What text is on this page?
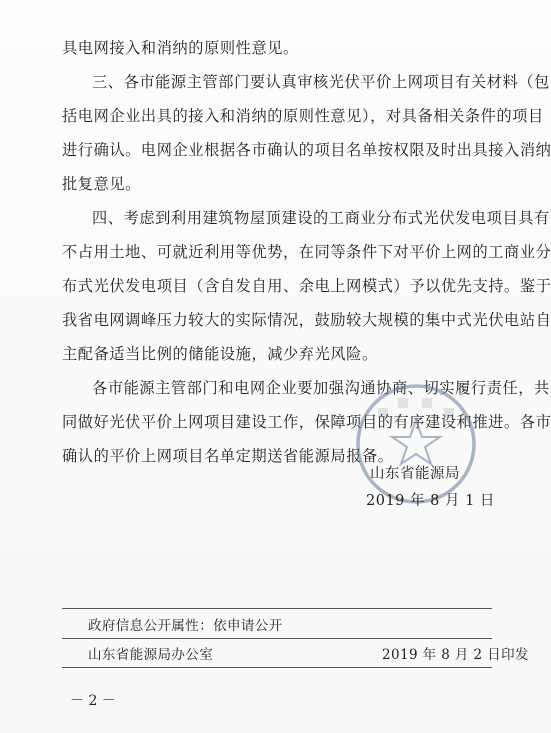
具电网接入和消纳的原则性意见。
三、各市能源主管部门要认真审核光伏平价上网项目有关材料（包
括电网企业出具的接入和消纳的原则性意见），对具备相关条件的项目
进行确认。电网企业根据各市确认的项目名单按权限及时出具接入消纳
批复意见。
四、考虑到利用建筑物屋顶建设的工商业分布式光伏发电项目具有
不占用土地、可就近利用等优势，在同等条件下对平价上网的工商业分
布式光伏发电项目（含自发自用、余电上网模式）予以优先支持。鉴于
我省电网调峰压力较大的实际情况，鼓励较大规模的集中式光伏电站自
主配备适当比例的储能设施，减少弃光风险。
各市能源主管部门和电网企业要加强沟通协商、切实履行责任，共
同做好光伏平价上网项目建设工作，保障项目的有序建设和推进。各市
确认的平价上网项目名单定期送省能源局报备。
山东省能源局
2019 年 8 月 1 日
政府信息公开属性：依申请公开
山东省能源局办公室	2019 年 8 月 2 日印发
－ 2 －
